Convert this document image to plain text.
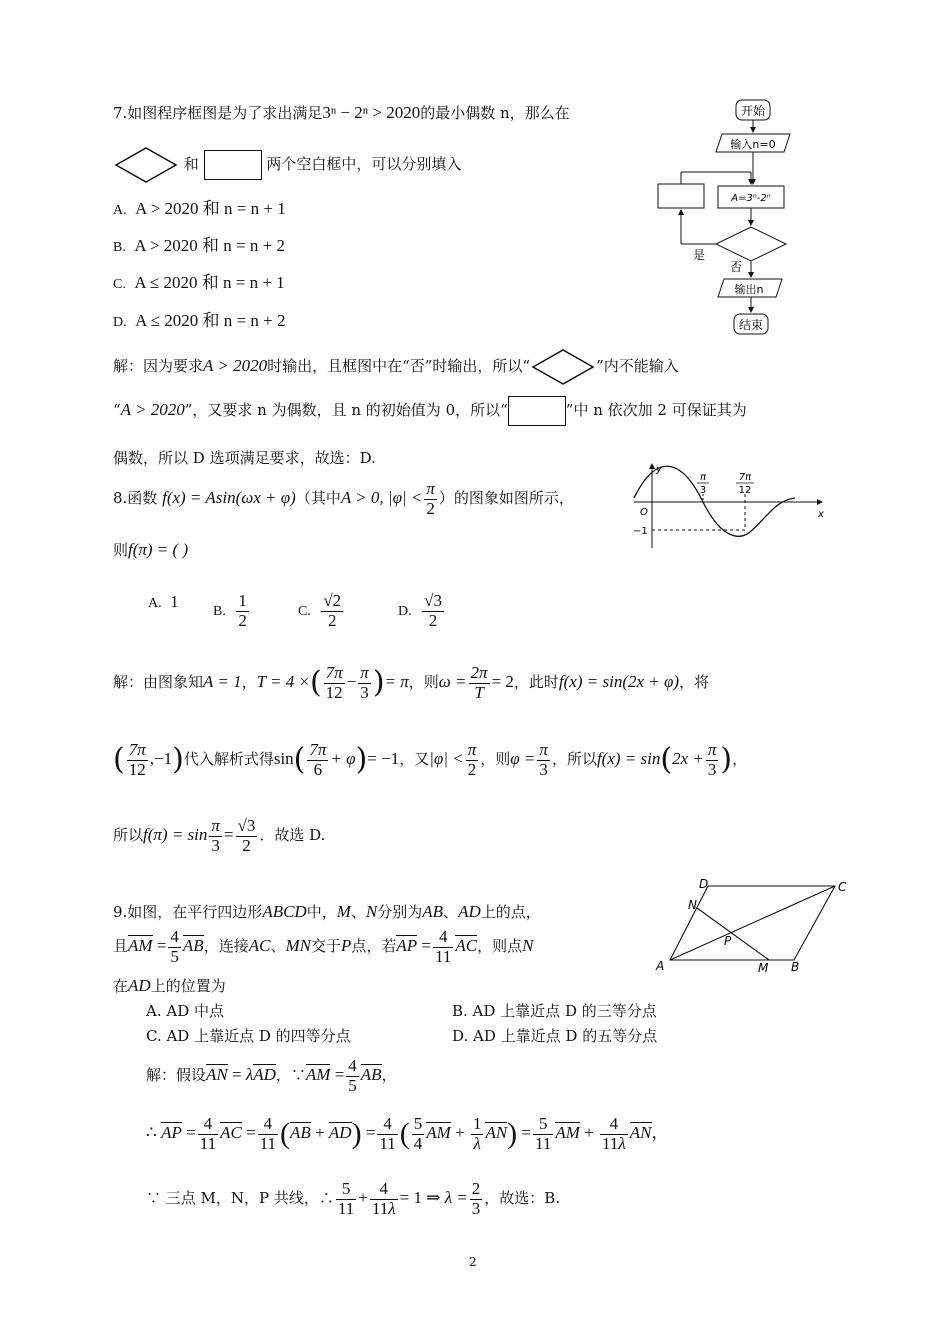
7.如图程序框图是为了求出满足3ⁿ − 2ⁿ > 2020的最小偶数 n，那么在
和	两个空白框中，可以分别填入
A. A > 2020 和 n = n + 1
B. A > 2020 和 n = n + 2
C. A ≤ 2020 和 n = n + 1
D. A ≤ 2020 和 n = n + 2
开始
输入n=0
A=3ⁿ-2ⁿ
是
否
输出n
结束
解：因为要求A > 2020时输出，且框图中在“否”时输出，所以“	”内不能输入
“A > 2020”，又要求 n 为偶数，且 n 的初始值为 0，所以“	”中 n 依次加 2 可保证其为
偶数，所以 D 选项满足要求，故选：D.
8.函数 f(x) = Asin(ωx + φ)（其中A > 0, $|\varphi| < \frac{\pi}{2}$ ）的图象如图所示，
则f(π) = ( )
A. 1
B. $\frac{1}{2}$	C. $\frac{√2}{2}$	D. $\frac{√3}{2}$
y
x
O
−1
π
3
7π
12
解：由图象知A = 1，T = 4 ×( $\frac{7\pi}{12} - \frac{\pi}{3}$ )= π，则$\omega = \frac{2\pi}{T} = 2$，此时f(x) = sin(2x + φ)，将
( $\frac{7\pi}{12} ,-1$)代入解析式得$\sin( \frac{7\pi}{6} + \varphi)= -1$，又$|\varphi| < \frac{\pi}{2}$ ，则$\varphi = \frac{\pi}{3}$ ，所以$f(x) = \sin(2x + \frac{\pi}{3}$ )，
所以$f(\pi) = \sin \frac{\pi}{3} = \frac{√3}{2}$ ．故选 D.
9.如图，在平行四边形ABCD中，M、N分别为AB、AD上的点，
且AM = $\frac{4}{5}$ AB，连接AC、MN交于P点，若AP = $\frac{4}{11}$ AC，则点N
在AD上的位置为
A. AD 中点	B. AD 上靠近点 D 的三等分点
C. AD 上靠近点 D 的四等分点	D. AD 上靠近点 D 的五等分点
A	B
C
D
M
N
P
解：假设AN = λAD，∵AM = $\frac{4}{5}$ AB，
∴ AP = $\frac{4}{11}$ AC = $\frac{4}{11} (AB + AD) = \frac{4}{11}$ ( $\frac{5}{4}$ AM + $\frac{1}{\lambda} AN) = \frac{5}{11}$ AM + $\frac{4}{11\lambda}$ AN，
∵ 三点 M，N，P 共线，∴ $\frac{5}{11} + \frac{4}{11\lambda} = 1$ ⇒ $\lambda = \frac{2}{3}$ ，故选：B.
2
